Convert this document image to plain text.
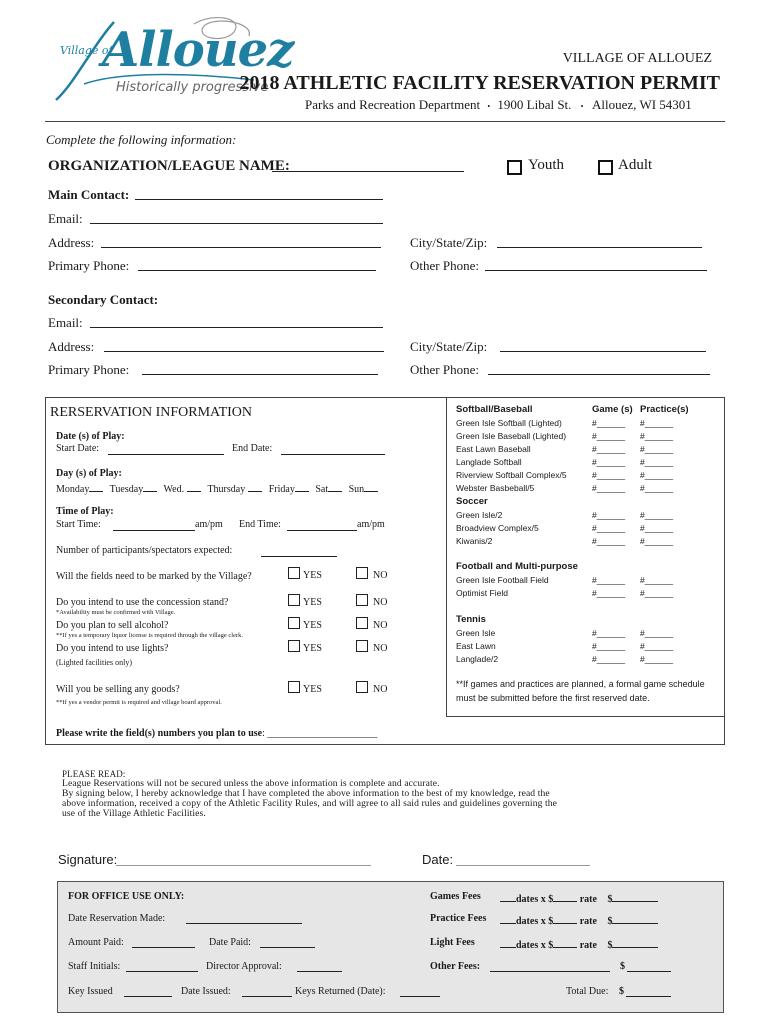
Village of
Allouez
Historically progressive
VILLAGE OF ALLOUEZ
2018 ATHLETIC FACILITY RESERVATION PERMIT
Parks and Recreation Department • 1900 Libal St. • Allouez, WI 54301
Complete the following information:
ORGANIZATION/LEAGUE NAME:	Youth	Adult
Main Contact:
Email:
Address:	City/State/Zip:
Primary Phone:	Other Phone:
Secondary Contact:
Email:
Address:	City/State/Zip:
Primary Phone:	Other Phone:
RERSERVATION INFORMATION
Date (s) of Play:
Start Date:	End Date:
Day (s) of Play:
Monday Tuesday Wed. Thursday Friday Sat Sun
Time of Play:
Start Time:	am/pm End Time:	am/pm
Number of participants/spectators expected:
Will the fields need to be marked by the Village?	YES	NO
Do you intend to use the concession stand?	YES	NO
*Availability must be confirmed with Village.
Do you plan to sell alcohol?	YES	NO
**If yes a temporary liquor license is required through the village clerk.
Do you intend to use lights?	YES	NO
(Lighted facilities only)
Will you be selling any goods?	YES	NO
**If yes a vendor permit is required and village board approval.
Please write the field(s) numbers you plan to use: ______________________
Softball/Baseball	Game (s) Practice(s)
Green Isle Softball (Lighted)	#______ #______
Green Isle Baseball (Lighted)	#______ #______
East Lawn Baseball	#______ #______
Langlade Softball	#______ #______
Riverview Softball Complex/5	#______ #______
Webster Basbeball/5	#______ #______
Soccer
Green Isle/2	#______ #______
Broadview Complex/5	#______ #______
Kiwanis/2	#______ #______
Football and Multi-purpose
Green Isle Football Field	#______ #______
Optimist Field	#______ #______
Tennis
Green Isle	#______ #______
East Lawn	#______ #______
Langlade/2	#______ #______
**If games and practices are planned, a formal game schedule must be submitted before the first reserved date.
PLEASE READ:
League Reservations will not be secured unless the above information is complete and accurate.
By signing below, I hereby acknowledge that I have completed the above information to the best of my knowledge, read the
above information, received a copy of the Athletic Facility Rules, and will agree to all said rules and guidelines governing the
use of the Village Athletic Facilities.
Signature:	Date:
FOR OFFICE USE ONLY:
Date Reservation Made:
Amount Paid:	Date Paid:
Staff Initials:	Director Approval:
Key Issued	Date Issued:	Keys Returned (Date):
Games Fees	dates x $	rate $
Practice Fees	dates x $	rate $
Light Fees	dates x $	rate $
Other Fees:	$
Total Due: $
